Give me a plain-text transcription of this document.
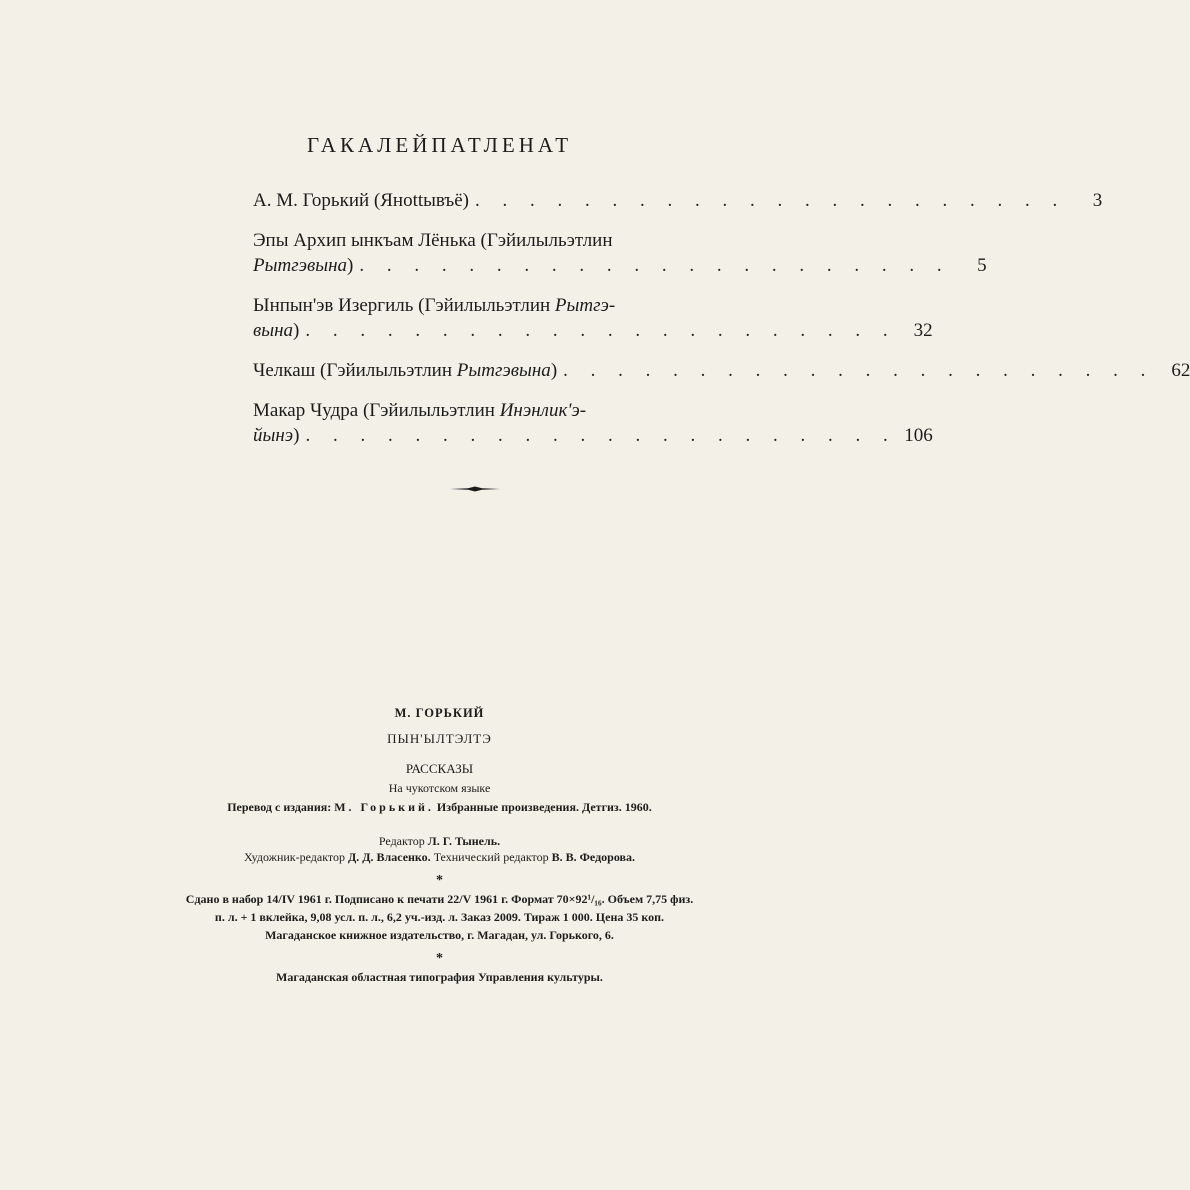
ГАКАЛЕЙПАТЛЕНАТ
А. М. Горький (Янottывъё) . . . . . . . . . . . . . . . . . . . . . .	3
Эпы Архип ынкъам Лёнька (Гэйилыльэтлин
Рытгэвына) . . . . . . . . . . . . . . . . . . . . . .	5
Ынпын'эв Изергиль (Гэйилыльэтлин Рытгэ-
вына) . . . . . . . . . . . . . . . . . . . . . . 32
Челкаш (Гэйилыльэтлин Рытгэвына) . . . . . . . . . . . . . . . . . . . . . . 62
Макар Чудра (Гэйилыльэтлин Инэнлик'э-
йынэ) . . . . . . . . . . . . . . . . . . . . . . 106
М. ГОРЬКИЙ
ПЫН'ЫЛТЭЛТЭ
РАССКАЗЫ
На чукотском языке
Перевод с издания: М. Горький. Избранные произведения. Детгиз. 1960.
Редактор Л. Г. Тынель.
Художник-редактор Д. Д. Власенко. Технический редактор В. В. Федорова.
*
Сдано в набор 14/IV 1961 г. Подписано к печати 22/V 1961 г. Формат 70×92¹/₁₆. Объем 7,75 физ.
п. л. + 1 вклейка, 9,08 усл. п. л., 6,2 уч.-изд. л. Заказ 2009. Тираж 1 000. Цена 35 коп.
Магаданское книжное издательство, г. Магадан, ул. Горького, 6.
*
Магаданская областная типография Управления культуры.
